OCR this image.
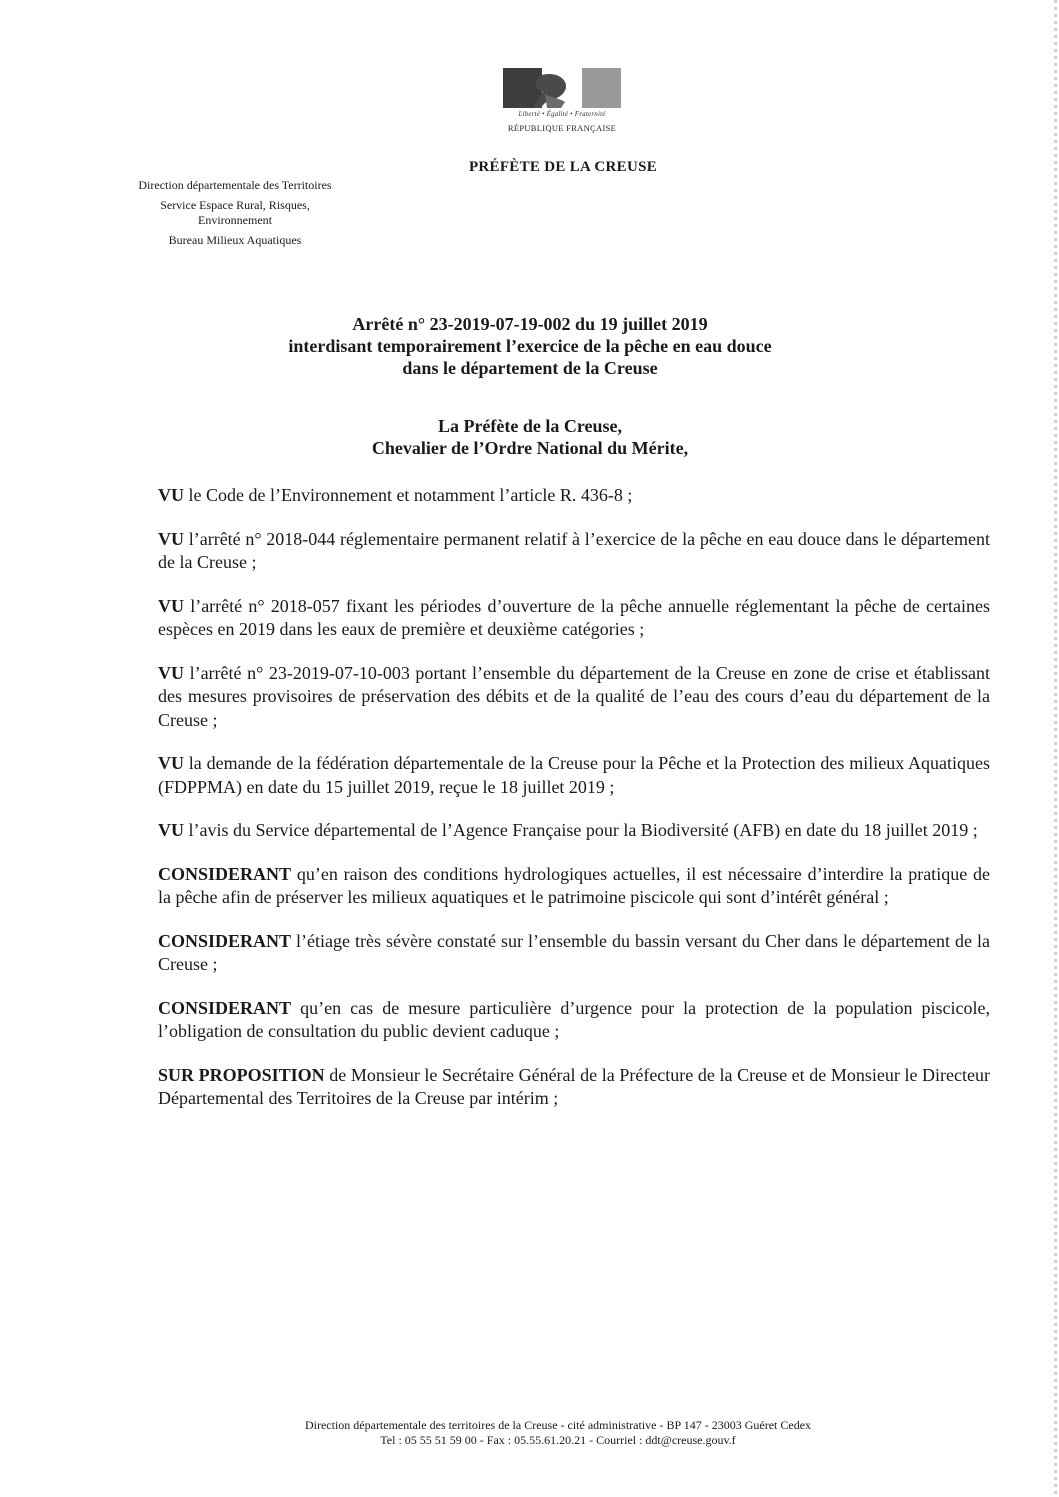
Liberté • Égalité • Fraternité
RÉPUBLIQUE FRANÇAISE
PRÉFÈTE DE LA CREUSE
Direction départementale des Territoires
Service Espace Rural, Risques, Environnement
Bureau Milieux Aquatiques
Arrêté n° 23-2019-07-19-002 du 19 juillet 2019
interdisant temporairement l’exercice de la pêche en eau douce
dans le département de la Creuse
La Préfète de la Creuse,
Chevalier de l’Ordre National du Mérite,

VU le Code de l’Environnement et notamment l’article R. 436-8 ;

VU l’arrêté n° 2018-044 réglementaire permanent relatif à l’exercice de la pêche en eau douce dans le département de la Creuse ;

VU l’arrêté n° 2018-057 fixant les périodes d’ouverture de la pêche annuelle réglementant la pêche de certaines espèces en 2019 dans les eaux de première et deuxième catégories ;

VU l’arrêté n° 23-2019-07-10-003 portant l’ensemble du département de la Creuse en zone de crise et établissant des mesures provisoires de préservation des débits et de la qualité de l’eau des cours d’eau du département de la Creuse ;

VU la demande de la fédération départementale de la Creuse pour la Pêche et la Protection des milieux Aquatiques (FDPPMA) en date du 15 juillet 2019, reçue le 18 juillet 2019 ;

VU l’avis du Service départemental de l’Agence Française pour la Biodiversité (AFB) en date du 18 juillet 2019 ;

CONSIDERANT qu’en raison des conditions hydrologiques actuelles, il est nécessaire d’interdire la pratique de la pêche afin de préserver les milieux aquatiques et le patrimoine piscicole qui sont d’intérêt général ;

CONSIDERANT l’étiage très sévère constaté sur l’ensemble du bassin versant du Cher dans le département de la Creuse ;

CONSIDERANT qu’en cas de mesure particulière d’urgence pour la protection de la population piscicole, l’obligation de consultation du public devient caduque ;

SUR PROPOSITION de Monsieur le Secrétaire Général de la Préfecture de la Creuse et de Monsieur le Directeur Départemental des Territoires de la Creuse par intérim ;

Direction départementale des territoires de la Creuse - cité administrative - BP 147 - 23003 Guéret Cedex
Tel : 05 55 51 59 00 - Fax : 05.55.61.20.21 - Courriel : ddt@creuse.gouv.f
